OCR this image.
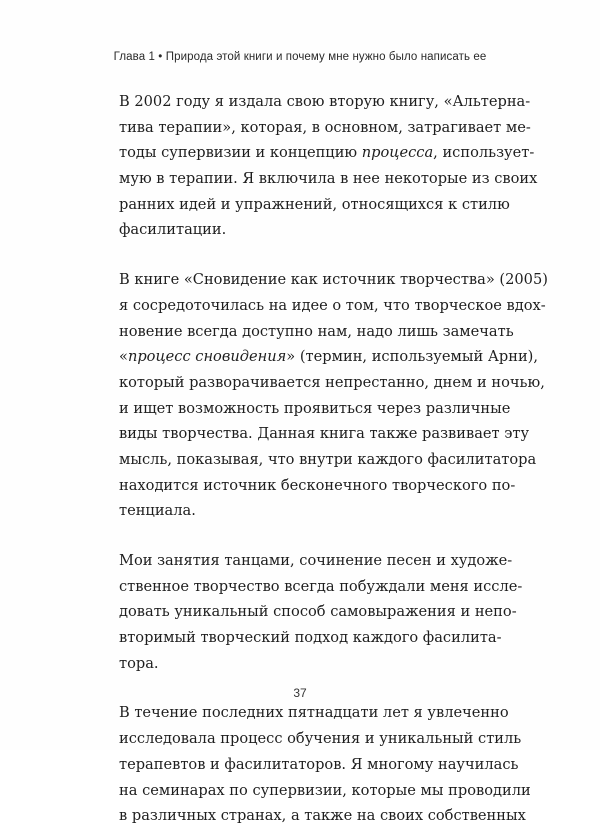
Глава 1 • Природа этой книги и почему мне нужно было написать ее
В 2002 году я издала свою вторую книгу, «Альтерна-
тива терапии», которая, в основном, затрагивает ме-
тоды супервизии и концепцию процесса, использует-
мую в терапии. Я включила в нее некоторые из своих
ранних идей и упражнений, относящихся к стилю
фасилитации.
В книге «Сновидение как источник творчества» (2005)
я сосредоточилась на идее о том, что творческое вдох-
новение всегда доступно нам, надо лишь замечать
«процесс сновидения» (термин, используемый Арни),
который разворачивается непрестанно, днем и ночью,
и ищет возможность проявиться через различные
виды творчества. Данная книга также развивает эту
мысль, показывая, что внутри каждого фасилитатора
находится источник бесконечного творческого по-
тенциала.
Мои занятия танцами, сочинение песен и художе-
ственное творчество всегда побуждали меня иссле-
довать уникальный способ самовыражения и непо-
вторимый творческий подход каждого фасилита-
тора.
В течение последних пятнадцати лет я увлеченно
исследовала процесс обучения и уникальный стиль
терапевтов и фасилитаторов. Я многому научилась
на семинарах по супервизии, которые мы проводили
в различных странах, а также на своих собственных
37
